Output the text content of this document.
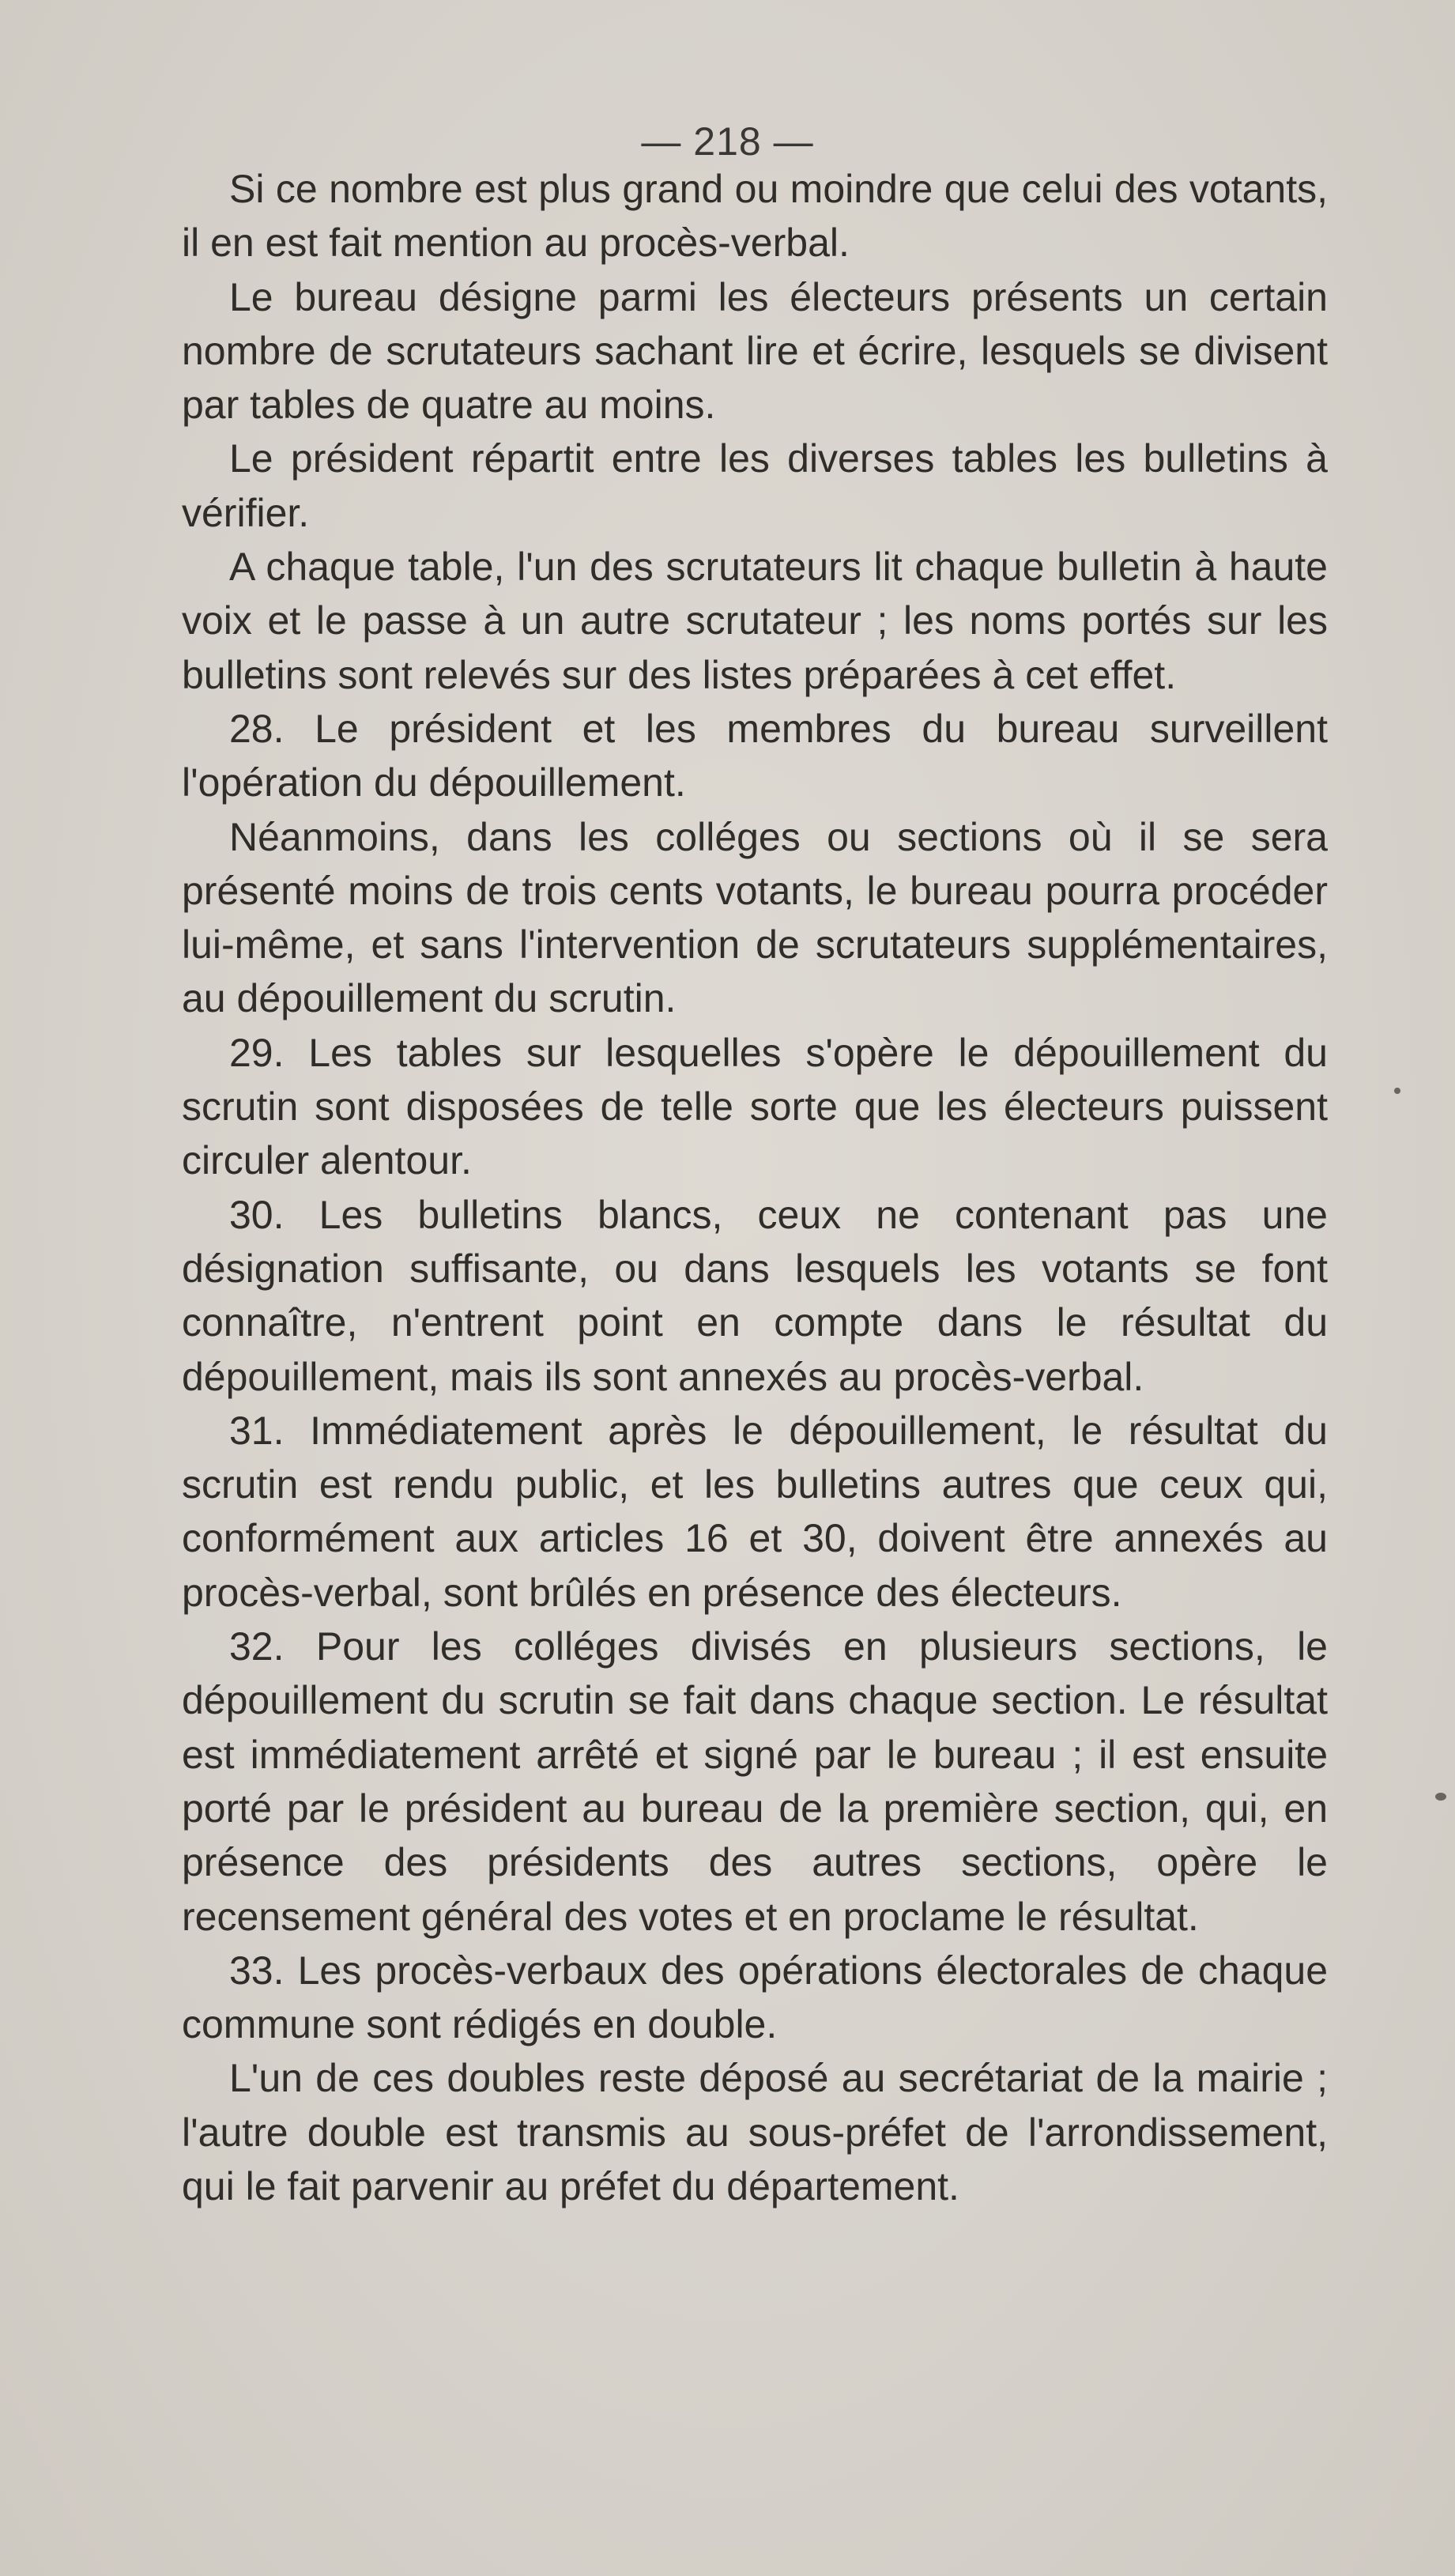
— 218 —

Si ce nombre est plus grand ou moindre que celui des votants, il en est fait mention au procès-verbal.

Le bureau désigne parmi les électeurs présents un certain nombre de scrutateurs sachant lire et écrire, lesquels se divisent par tables de quatre au moins.

Le président répartit entre les diverses tables les bulletins à vérifier.

A chaque table, l'un des scrutateurs lit chaque bulletin à haute voix et le passe à un autre scrutateur ; les noms portés sur les bulletins sont relevés sur des listes préparées à cet effet.

28. Le président et les membres du bureau surveillent l'opération du dépouillement.

Néanmoins, dans les colléges ou sections où il se sera présenté moins de trois cents votants, le bureau pourra procéder lui-même, et sans l'intervention de scrutateurs supplémentaires, au dépouillement du scrutin.

29. Les tables sur lesquelles s'opère le dépouillement du scrutin sont disposées de telle sorte que les électeurs puissent circuler alentour.

30. Les bulletins blancs, ceux ne contenant pas une désignation suffisante, ou dans lesquels les votants se font connaître, n'entrent point en compte dans le résultat du dépouillement, mais ils sont annexés au procès-verbal.

31. Immédiatement après le dépouillement, le résultat du scrutin est rendu public, et les bulletins autres que ceux qui, conformément aux articles 16 et 30, doivent être annexés au procès-verbal, sont brûlés en présence des électeurs.

32. Pour les colléges divisés en plusieurs sections, le dépouillement du scrutin se fait dans chaque section. Le résultat est immédiatement arrêté et signé par le bureau ; il est ensuite porté par le président au bureau de la première section, qui, en présence des présidents des autres sections, opère le recensement général des votes et en proclame le résultat.

33. Les procès-verbaux des opérations électorales de chaque commune sont rédigés en double.

L'un de ces doubles reste déposé au secrétariat de la mairie ; l'autre double est transmis au sous-préfet de l'arrondissement, qui le fait parvenir au préfet du département.
